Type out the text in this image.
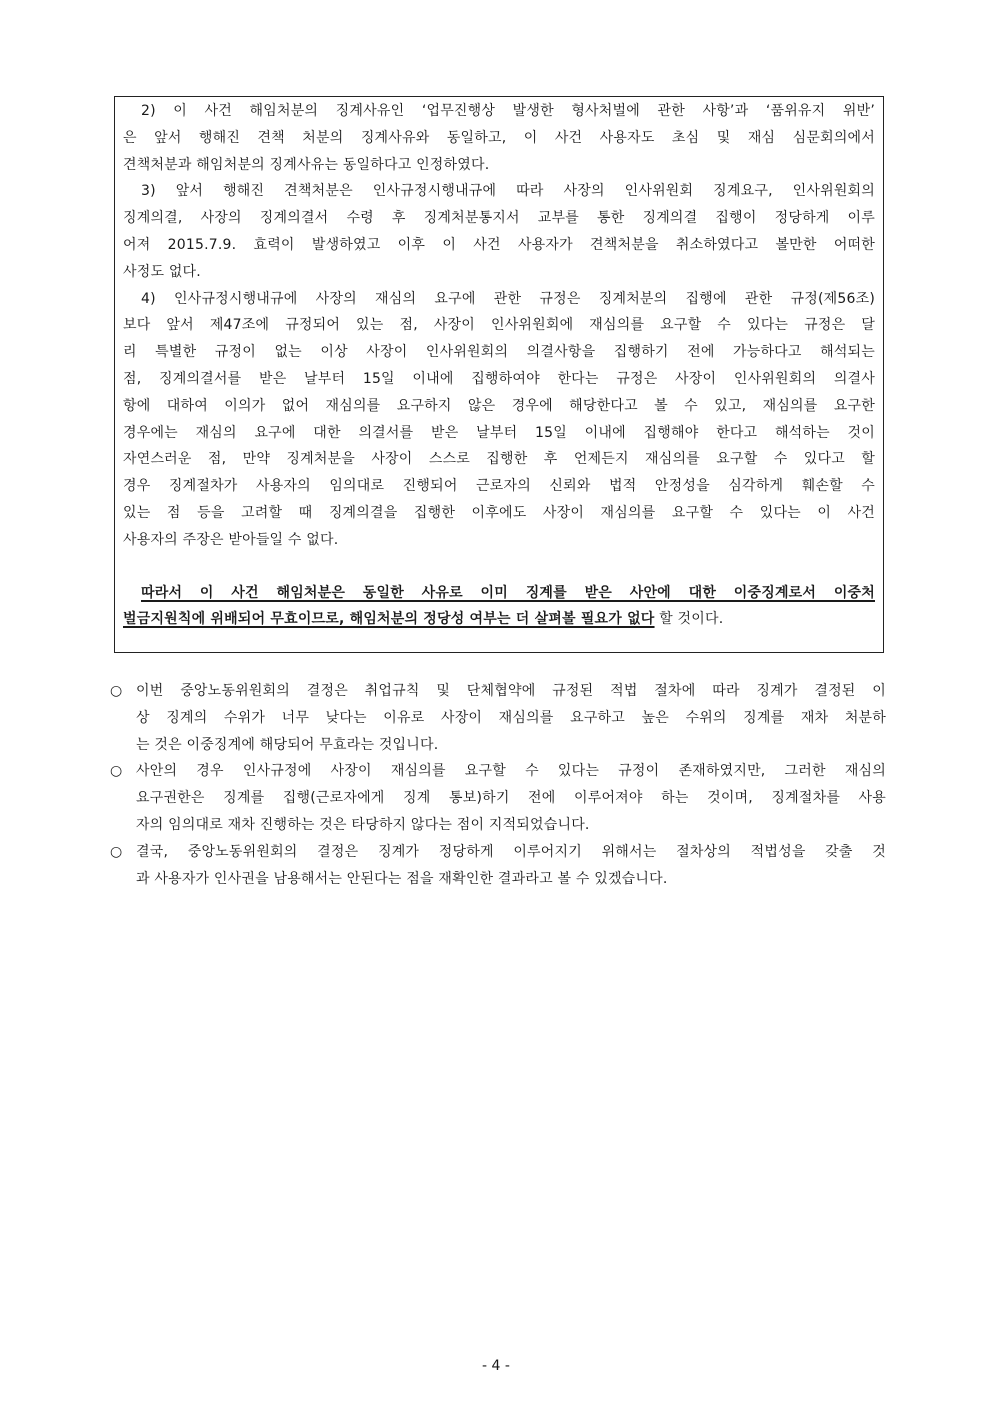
2) 이 사건 해임처분의 징계사유인 ‘업무진행상 발생한 형사처벌에 관한 사항’과 ‘품위유지 위반’

은 앞서 행해진 견책 처분의 징계사유와 동일하고, 이 사건 사용자도 초심 및 재심 심문회의에서

견책처분과 해임처분의 징계사유는 동일하다고 인정하였다.

3) 앞서 행해진 견책처분은 인사규정시행내규에 따라 사장의 인사위원회 징계요구, 인사위원회의

징계의결, 사장의 징계의결서 수령 후 징계처분통지서 교부를 통한 징계의결 집행이 정당하게 이루

어져 2015.7.9. 효력이 발생하였고 이후 이 사건 사용자가 견책처분을 취소하였다고 볼만한 어떠한

사정도 없다.

4) 인사규정시행내규에 사장의 재심의 요구에 관한 규정은 징계처분의 집행에 관한 규정(제56조)

보다 앞서 제47조에 규정되어 있는 점, 사장이 인사위원회에 재심의를 요구할 수 있다는 규정은 달

리 특별한 규정이 없는 이상 사장이 인사위원회의 의결사항을 집행하기 전에 가능하다고 해석되는

점, 징계의결서를 받은 날부터 15일 이내에 집행하여야 한다는 규정은 사장이 인사위원회의 의결사

항에 대하여 이의가 없어 재심의를 요구하지 않은 경우에 해당한다고 볼 수 있고, 재심의를 요구한

경우에는 재심의 요구에 대한 의결서를 받은 날부터 15일 이내에 집행해야 한다고 해석하는 것이

자연스러운 점, 만약 징계처분을 사장이 스스로 집행한 후 언제든지 재심의를 요구할 수 있다고 할

경우 징계절차가 사용자의 임의대로 진행되어 근로자의 신뢰와 법적 안정성을 심각하게 훼손할 수

있는 점 등을 고려할 때 징계의결을 집행한 이후에도 사장이 재심의를 요구할 수 있다는 이 사건

사용자의 주장은 받아들일 수 없다.

따라서 이 사건 해임처분은 동일한 사유로 이미 징계를 받은 사안에 대한 이중징계로서 이중처

벌금지원칙에 위배되어 무효이므로, 해임처분의 정당성 여부는 더 살펴볼 필요가 없다 할 것이다.

○ 이번 중앙노동위원회의 결정은 취업규칙 및 단체협약에 규정된 적법 절차에 따라 징계가 결정된 이

상 징계의 수위가 너무 낮다는 이유로 사장이 재심의를 요구하고 높은 수위의 징계를 재차 처분하

는 것은 이중징계에 해당되어 무효라는 것입니다.

○ 사안의 경우 인사규정에 사장이 재심의를 요구할 수 있다는 규정이 존재하였지만, 그러한 재심의

요구권한은 징계를 집행(근로자에게 징계 통보)하기 전에 이루어져야 하는 것이며, 징계절차를 사용

자의 임의대로 재차 진행하는 것은 타당하지 않다는 점이 지적되었습니다.

○ 결국, 중앙노동위원회의 결정은 징계가 정당하게 이루어지기 위해서는 절차상의 적법성을 갖출 것

과 사용자가 인사권을 남용해서는 안된다는 점을 재확인한 결과라고 볼 수 있겠습니다.

- 4 -
